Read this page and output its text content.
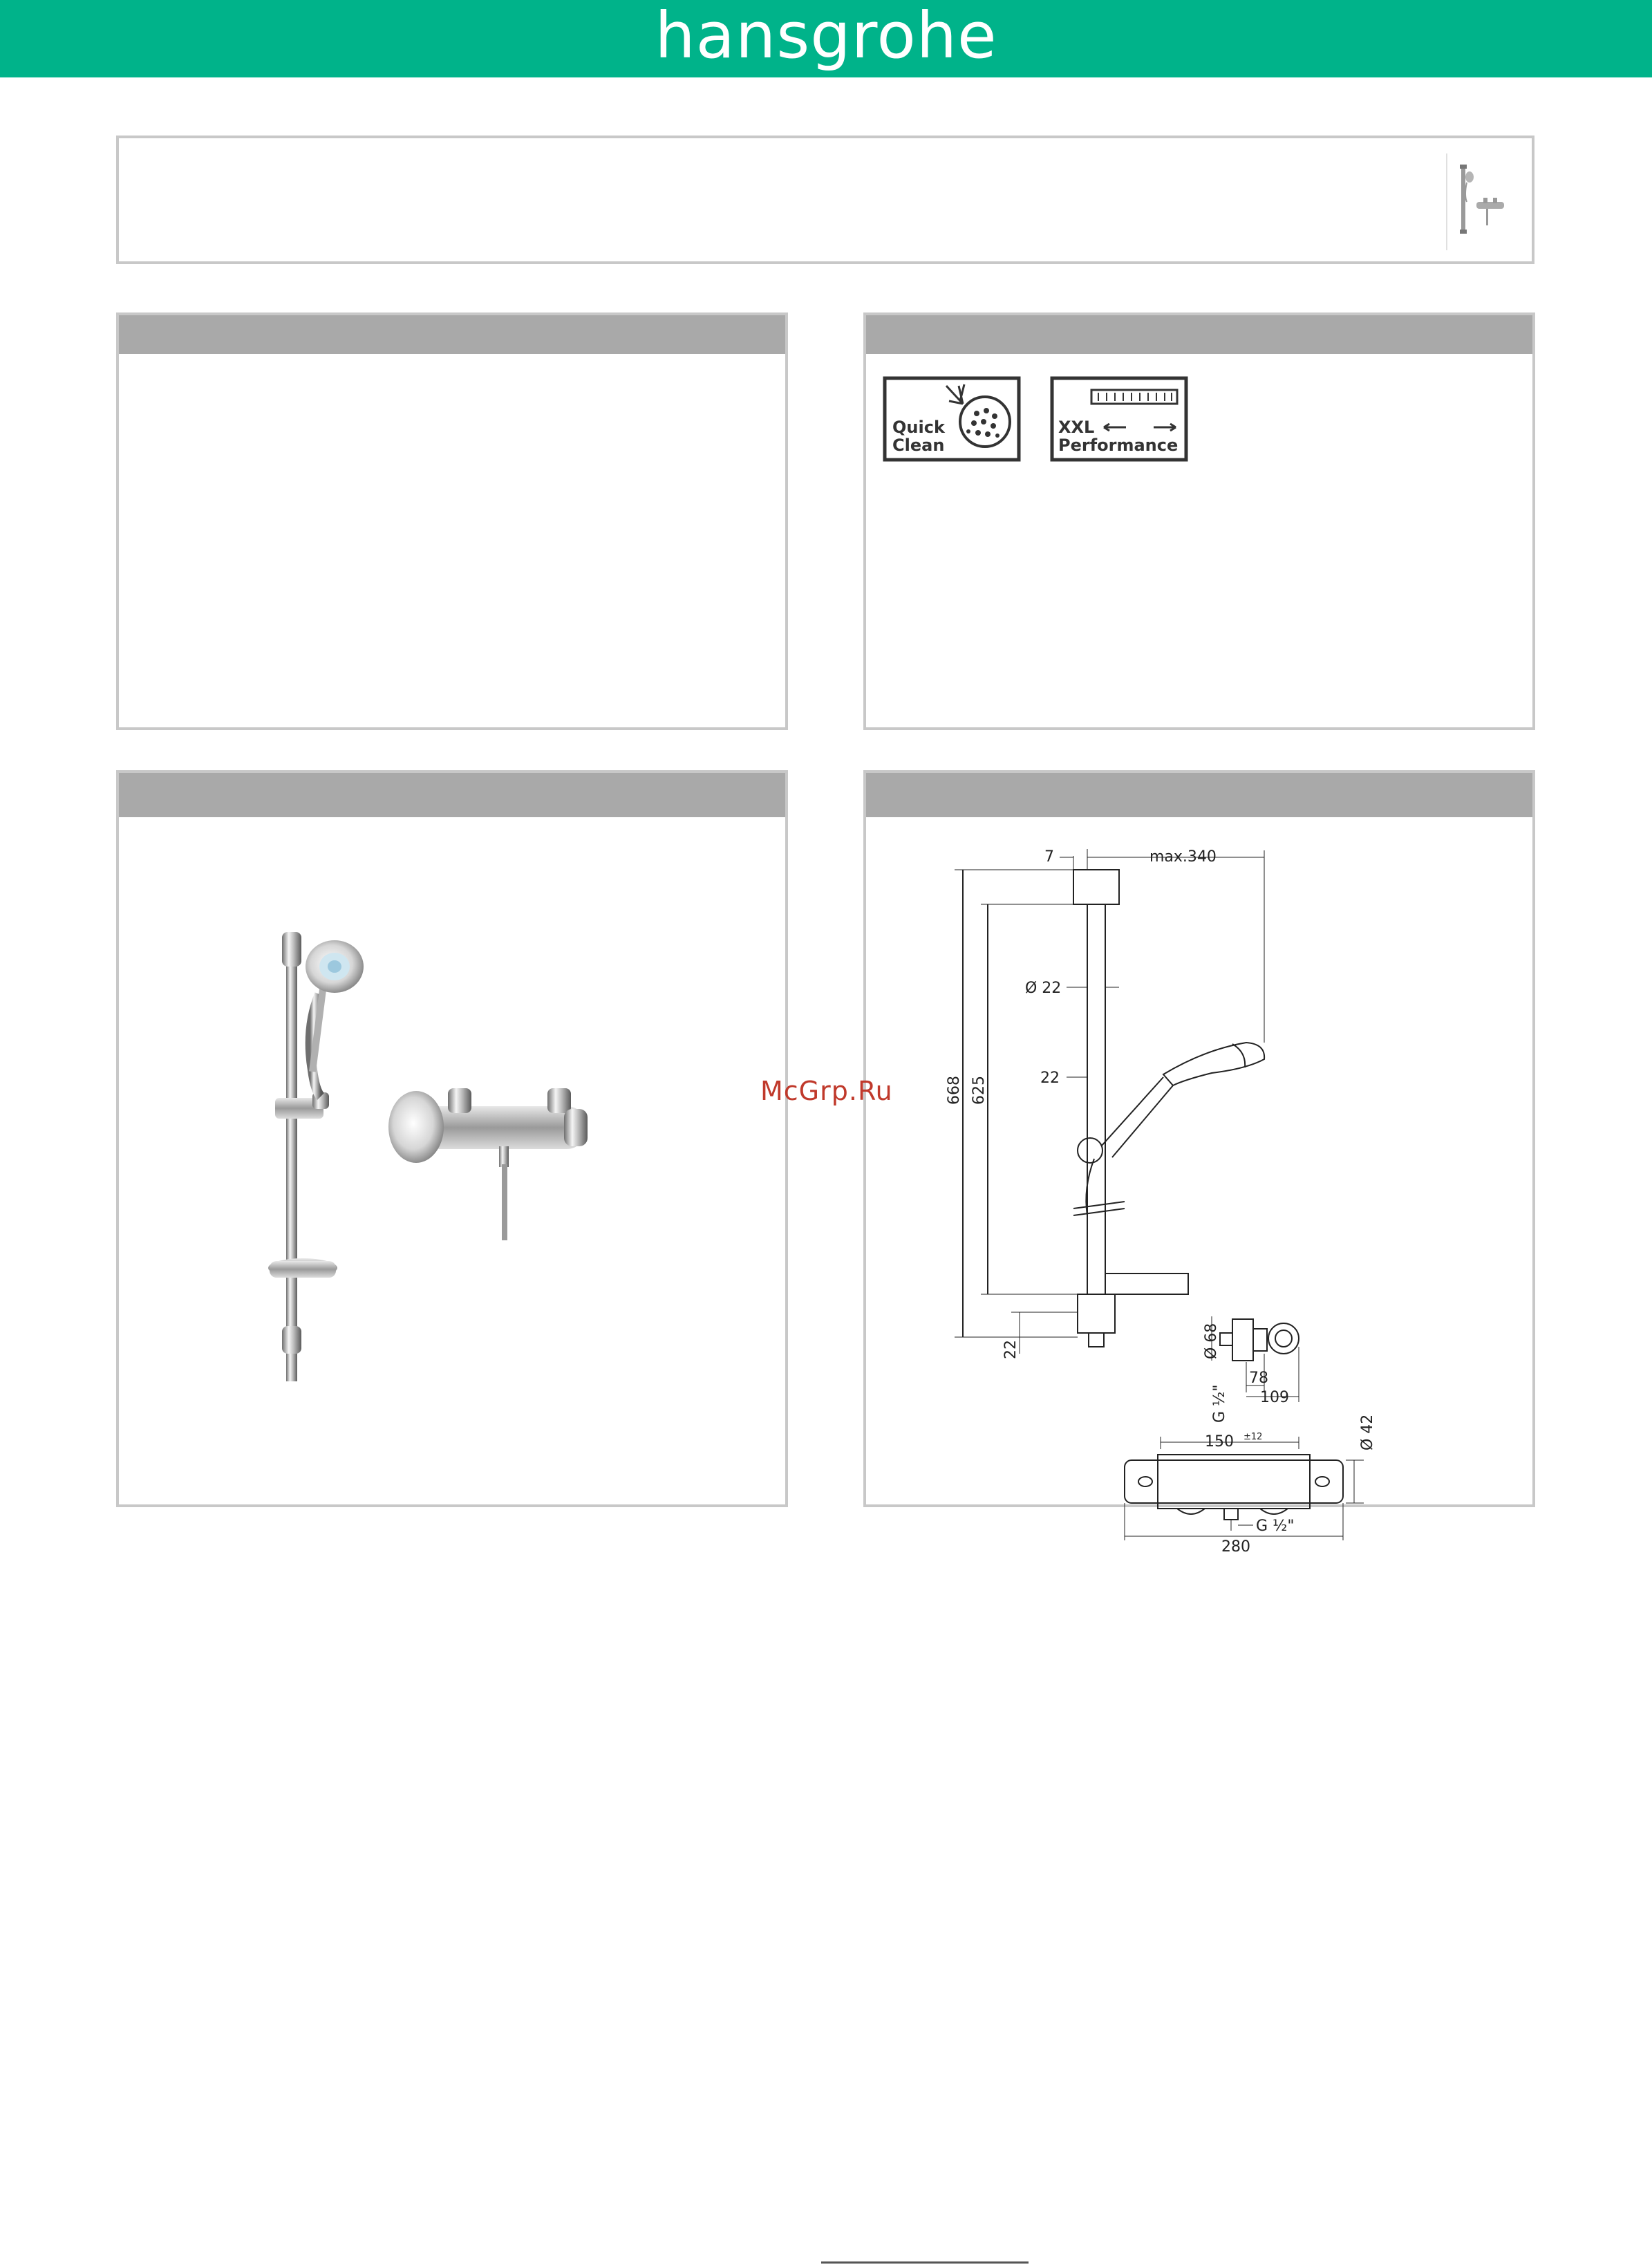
hansgrohe
Quick
Clean
XXL
Performance
7	max.340
Ø 22
22
668 625
22	Ø 68
G ½"
78
109
150 ±12	Ø 42
G ½"
280
McGrp.Ru
